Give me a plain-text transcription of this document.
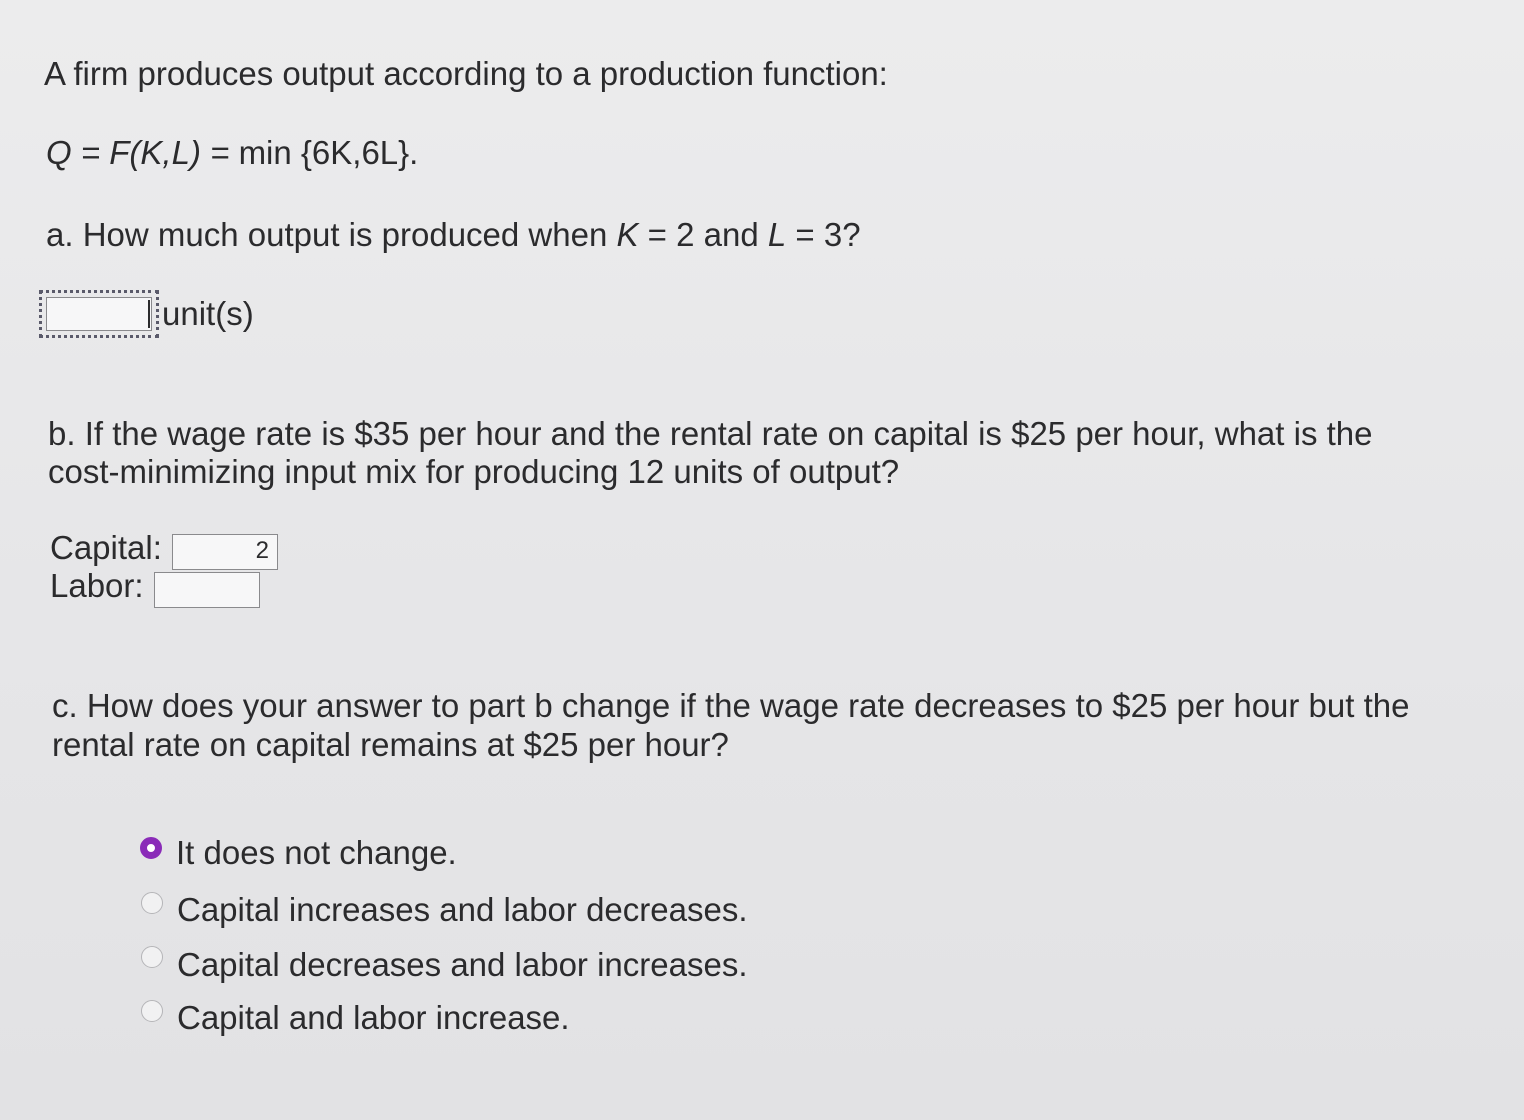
A firm produces output according to a production function:
Q = F(K,L) = min {6K,6L}.
a. How much output is produced when K = 2 and L = 3?
unit(s)
b. If the wage rate is $35 per hour and the rental rate on capital is $25 per hour, what is the
cost-minimizing input mix for producing 12 units of output?
Capital:	2
Labor:
c. How does your answer to part b change if the wage rate decreases to $25 per hour but the
rental rate on capital remains at $25 per hour?
It does not change.
Capital increases and labor decreases.
Capital decreases and labor increases.
Capital and labor increase.
